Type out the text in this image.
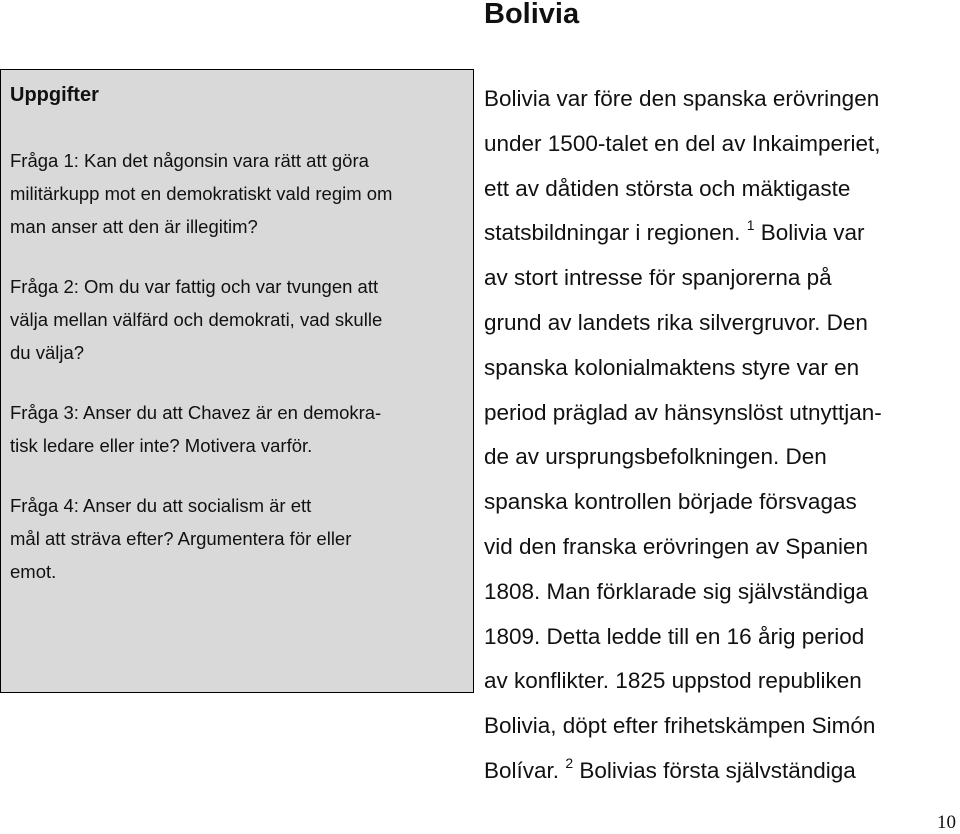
Bolivia
Uppgifter

Fråga 1: Kan det någonsin vara rätt att göra
militärkupp mot en demokratiskt vald regim om
man anser att den är illegitim?

Fråga 2: Om du var fattig och var tvungen att
välja mellan välfärd och demokrati, vad skulle
du välja?

Fråga 3: Anser du att Chavez är en demokra-
tisk ledare eller inte? Motivera varför.

Fråga 4: Anser du att socialism är ett
mål att sträva efter? Argumentera för eller
emot.

Bolivia var före den spanska erövringen
under 1500-talet en del av Inkaimperiet,
ett av dåtiden största och mäktigaste
statsbildningar i regionen. $^1$ Bolivia var
av stort intresse för spanjorerna på
grund av landets rika silvergruvor. Den
spanska kolonialmaktens styre var en
period präglad av hänsynslöst utnyttjan-
de av ursprungsbefolkningen. Den
spanska kontrollen började försvagas
vid den franska erövringen av Spanien
1808. Man förklarade sig självständiga
1809. Detta ledde till en 16 årig period
av konflikter. 1825 uppstod republiken
Bolivia, döpt efter frihetskämpen Simón
Bolívar. $^2$ Bolivias första självständiga

10
